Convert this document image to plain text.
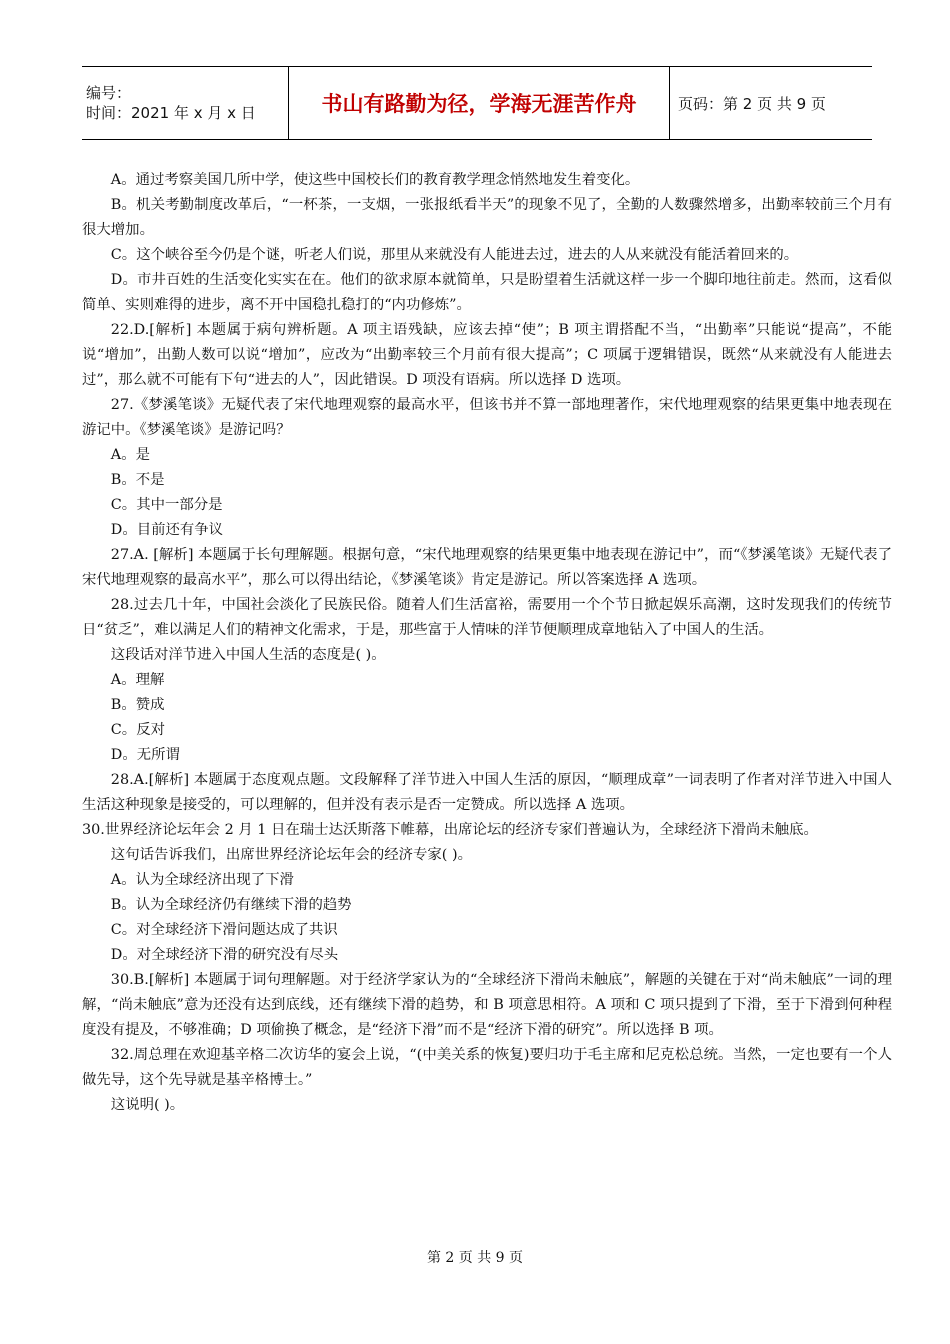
编号：
时间：2021 年 x 月 x 日	书山有路勤为径，学海无涯苦作舟	页码：第 2 页 共 9 页

A。通过考察美国几所中学，使这些中国校长们的教育教学理念悄然地发生着变化。

B。机关考勤制度改革后，“一杯茶，一支烟，一张报纸看半天”的现象不见了，全勤的人数骤然增多，出勤率较前三个月有很大增加。

C。这个峡谷至今仍是个谜，听老人们说，那里从来就没有人能进去过，进去的人从来就没有能活着回来的。

D。市井百姓的生活变化实实在在。他们的欲求原本就简单，只是盼望着生活就这样一步一个脚印地往前走。然而，这看似简单、实则难得的进步，离不开中国稳扎稳打的“内功修炼”。

22.D.[解析] 本题属于病句辨析题。A 项主语残缺，应该去掉“使”；B 项主谓搭配不当，“出勤率”只能说“提高”，不能说“增加”，出勤人数可以说“增加”，应改为“出勤率较三个月前有很大提高”；C 项属于逻辑错误，既然“从来就没有人能进去过”，那么就不可能有下句“进去的人”，因此错误。D 项没有语病。所以选择 D 选项。

27.《梦溪笔谈》无疑代表了宋代地理观察的最高水平，但该书并不算一部地理著作，宋代地理观察的结果更集中地表现在游记中。《梦溪笔谈》是游记吗？

A。是

B。不是

C。其中一部分是

D。目前还有争议

27.A. [解析] 本题属于长句理解题。根据句意，“宋代地理观察的结果更集中地表现在游记中”，而“《梦溪笔谈》无疑代表了宋代地理观察的最高水平”，那么可以得出结论，《梦溪笔谈》肯定是游记。所以答案选择 A 选项。

28.过去几十年，中国社会淡化了民族民俗。随着人们生活富裕，需要用一个个节日掀起娱乐高潮，这时发现我们的传统节日“贫乏”，难以满足人们的精神文化需求，于是，那些富于人情味的洋节便顺理成章地钻入了中国人的生活。

这段话对洋节进入中国人生活的态度是( )。

A。理解

B。赞成

C。反对

D。无所谓

28.A.[解析] 本题属于态度观点题。文段解释了洋节进入中国人生活的原因，“顺理成章”一词表明了作者对洋节进入中国人生活这种现象是接受的，可以理解的，但并没有表示是否一定赞成。所以选择 A 选项。

30.世界经济论坛年会 2 月 1 日在瑞士达沃斯落下帷幕，出席论坛的经济专家们普遍认为，全球经济下滑尚未触底。

这句话告诉我们，出席世界经济论坛年会的经济专家( )。

A。认为全球经济出现了下滑

B。认为全球经济仍有继续下滑的趋势

C。对全球经济下滑问题达成了共识

D。对全球经济下滑的研究没有尽头

30.B.[解析] 本题属于词句理解题。对于经济学家认为的“全球经济下滑尚未触底”，解题的关键在于对“尚未触底”一词的理解，“尚未触底”意为还没有达到底线，还有继续下滑的趋势，和 B 项意思相符。A 项和 C 项只提到了下滑，至于下滑到何种程度没有提及，不够准确；D 项偷换了概念，是“经济下滑”而不是“经济下滑的研究”。所以选择 B 项。

32.周总理在欢迎基辛格二次访华的宴会上说，“(中美关系的恢复)要归功于毛主席和尼克松总统。当然，一定也要有一个人做先导，这个先导就是基辛格博士。”

这说明( )。

第 2 页 共 9 页
